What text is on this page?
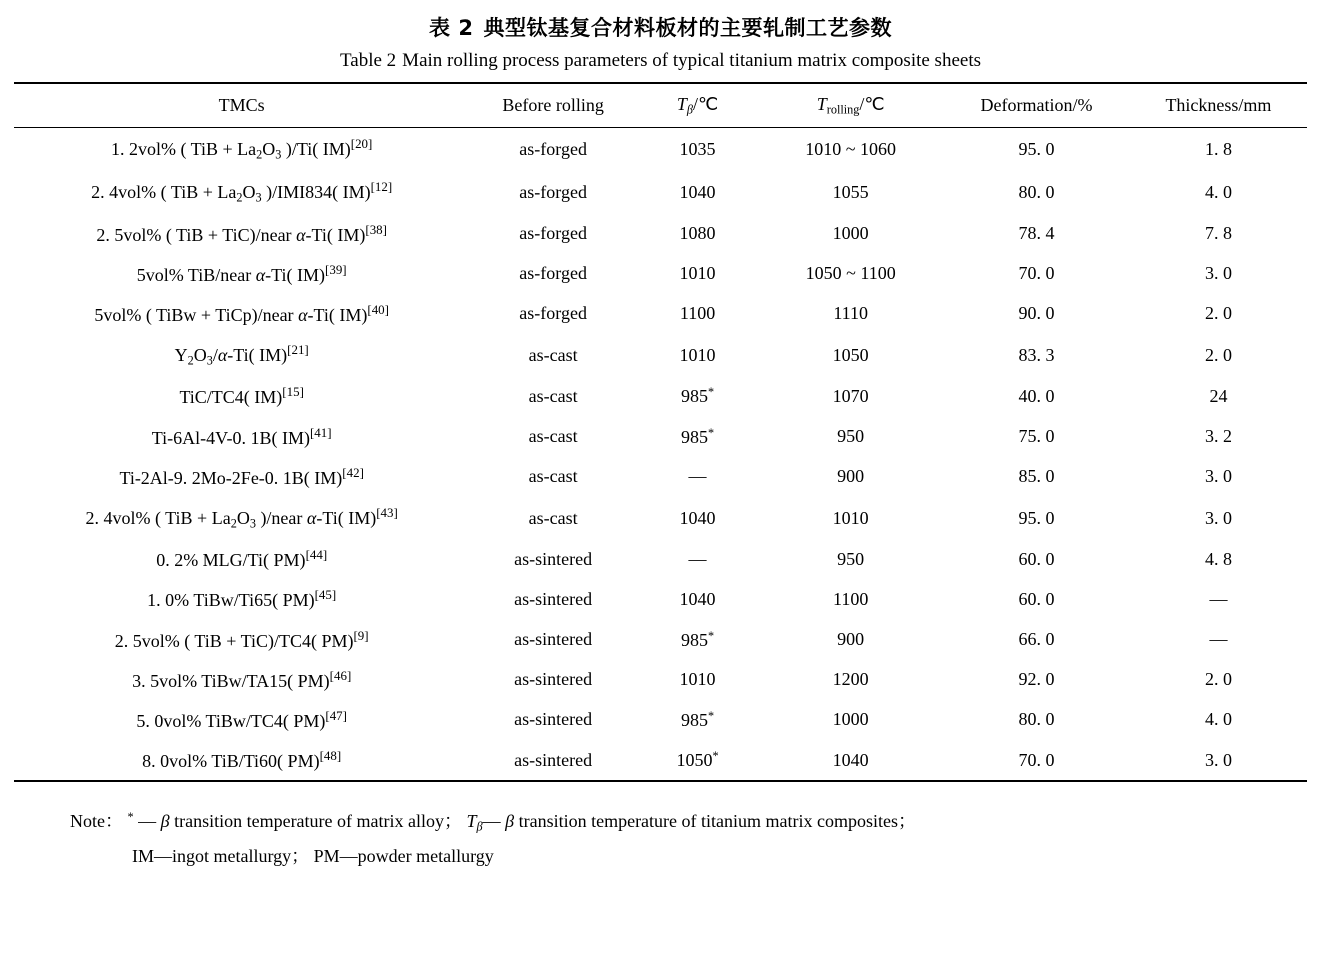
表 2 典型钛基复合材料板材的主要轧制工艺参数
Table 2 Main rolling process parameters of typical titanium matrix composite sheets
TMCs	Before rolling	$T_\beta/℃$	$T_{rolling}/℃$	Deformation/%	Thickness/mm
1. 2vol% ( TiB + $La_2O_3$ )/Ti( IM)[20]	as-forged	1035	1010 ~ 1060	95. 0	1. 8
2. 4vol% ( TiB + $La_2O_3$ )/IMI834( IM)[12]	as-forged	1040	1055	80. 0	4. 0
2. 5vol% ( TiB + TiC)/near α-Ti( IM)[38]	as-forged	1080	1000	78. 4	7. 8
5vol% TiB/near α-Ti( IM)[39]	as-forged	1010	1050 ~ 1100	70. 0	3. 0
5vol% ( TiBw + TiCp)/near α-Ti( IM)[40]	as-forged	1100	1110	90. 0	2. 0
$Y_2O_3/\alpha-Ti$( IM)[21]	as-cast	1010	1050	83. 3	2. 0
TiC/TC4( IM)[15]	as-cast	985*	1070	40. 0	24
Ti-6Al-4V-0. 1B( IM)[41]	as-cast	985*	950	75. 0	3. 2
Ti-2Al-9. 2Mo-2Fe-0. 1B( IM)[42]	as-cast	—	900	85. 0	3. 0
2. 4vol% ( TiB + $La_2O_3$ )/near α-Ti( IM)[43]	as-cast	1040	1010	95. 0	3. 0
0. 2% MLG/Ti( PM)[44]	as-sintered	—	950	60. 0	4. 8
1. 0% TiBw/Ti65( PM)[45]	as-sintered	1040	1100	60. 0	—
2. 5vol% ( TiB + TiC)/TC4( PM)[9]	as-sintered	985*	900	66. 0	—
3. 5vol% TiBw/TA15( PM)[46]	as-sintered	1010	1200	92. 0	2. 0
5. 0vol% TiBw/TC4( PM)[47]	as-sintered	985*	1000	80. 0	4. 0
8. 0vol% TiB/Ti60( PM)[48]	as-sintered	1050*	1040	70. 0	3. 0
Note： * — β transition temperature of matrix alloy； $T_\beta—$ β transition temperature of titanium matrix composites；
IM—ingot metallurgy； PM—powder metallurgy
